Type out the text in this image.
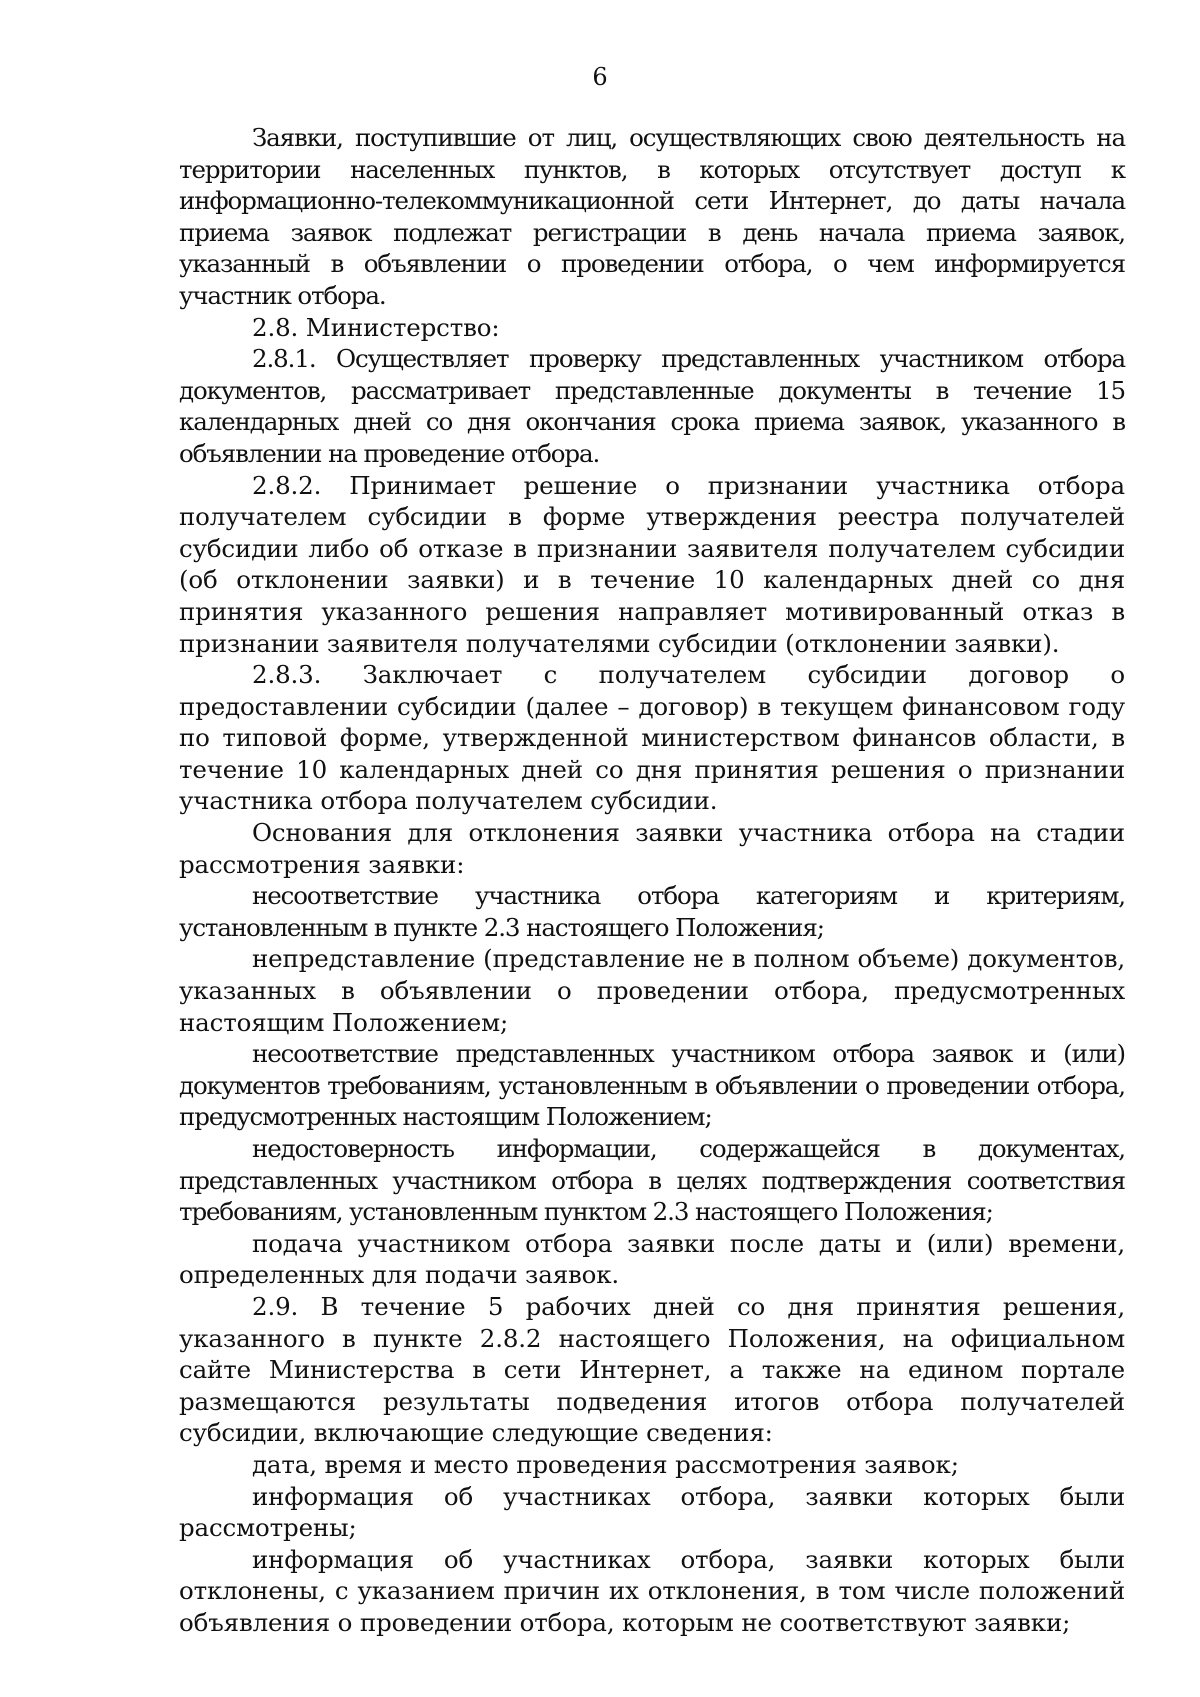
6

Заявки, поступившие от лиц, осуществляющих свою деятельность на территории населенных пунктов, в которых отсутствует доступ к информационно-телекоммуникационной сети Интернет, до даты начала приема заявок подлежат регистрации в день начала приема заявок, указанный в объявлении о проведении отбора, о чем информируется участник отбора.

2.8. Министерство:

2.8.1. Осуществляет проверку представленных участником отбора документов, рассматривает представленные документы в течение 15 календарных дней со дня окончания срока приема заявок, указанного в объявлении на проведение отбора.

2.8.2. Принимает решение о признании участника отбора получателем субсидии в форме утверждения реестра получателей субсидии либо об отказе в признании заявителя получателем субсидии (об отклонении заявки) и в течение 10 календарных дней со дня принятия указанного решения направляет мотивированный отказ в признании заявителя получателями субсидии (отклонении заявки).

2.8.3. Заключает с получателем субсидии договор о предоставлении субсидии (далее – договор) в текущем финансовом году по типовой форме, утвержденной министерством финансов области, в течение 10 календарных дней со дня принятия решения о признании участника отбора получателем субсидии.

Основания для отклонения заявки участника отбора на стадии рассмотрения заявки:

несоответствие участника отбора категориям и критериям, установленным в пункте 2.3 настоящего Положения;

непредставление (представление не в полном объеме) документов, указанных в объявлении о проведении отбора, предусмотренных настоящим Положением;

несоответствие представленных участником отбора заявок и (или) документов требованиям, установленным в объявлении о проведении отбора, предусмотренных настоящим Положением;

недостоверность информации, содержащейся в документах, представленных участником отбора в целях подтверждения соответствия требованиям, установленным пунктом 2.3 настоящего Положения;

подача участником отбора заявки после даты и (или) времени, определенных для подачи заявок.

2.9. В течение 5 рабочих дней со дня принятия решения, указанного в пункте 2.8.2 настоящего Положения, на официальном сайте Министерства в сети Интернет, а также на едином портале размещаются результаты подведения итогов отбора получателей субсидии, включающие следующие сведения:

дата, время и место проведения рассмотрения заявок;

информация об участниках отбора, заявки которых были рассмотрены;

информация об участниках отбора, заявки которых были отклонены, с указанием причин их отклонения, в том числе положений объявления о проведении отбора, которым не соответствуют заявки;
